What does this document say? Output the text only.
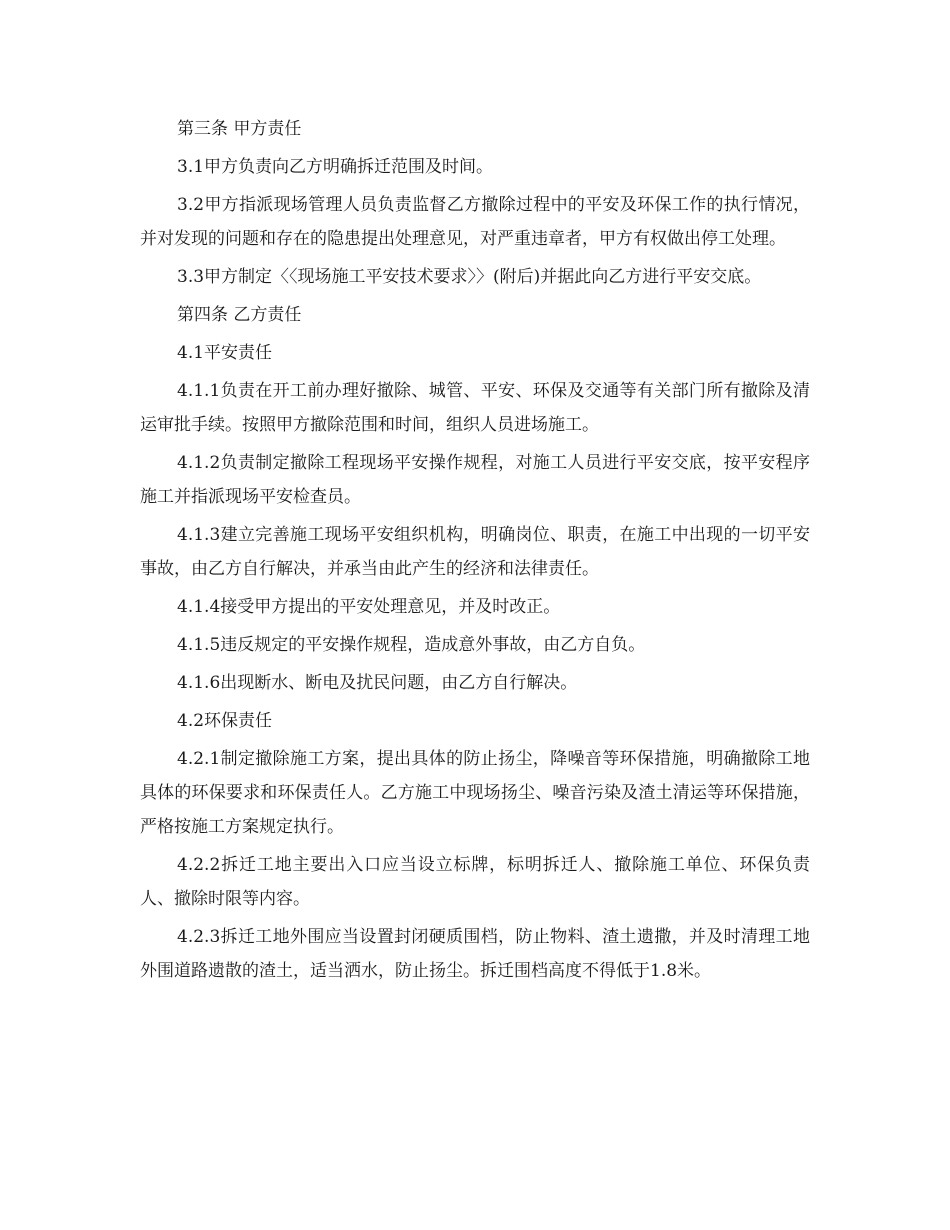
第三条 甲方责任

3.1甲方负责向乙方明确拆迁范围及时间。

3.2甲方指派现场管理人员负责监督乙方撤除过程中的平安及环保工作的执行情况，并对发现的问题和存在的隐患提出处理意见，对严重违章者，甲方有权做出停工处理。

3.3甲方制定〈〈现场施工平安技术要求〉〉(附后)并据此向乙方进行平安交底。

第四条 乙方责任

4.1平安责任

4.1.1负责在开工前办理好撤除、城管、平安、环保及交通等有关部门所有撤除及清运审批手续。按照甲方撤除范围和时间，组织人员进场施工。

4.1.2负责制定撤除工程现场平安操作规程，对施工人员进行平安交底，按平安程序施工并指派现场平安检查员。

4.1.3建立完善施工现场平安组织机构，明确岗位、职责，在施工中出现的一切平安事故，由乙方自行解决，并承当由此产生的经济和法律责任。

4.1.4接受甲方提出的平安处理意见，并及时改正。

4.1.5违反规定的平安操作规程，造成意外事故，由乙方自负。

4.1.6出现断水、断电及扰民问题，由乙方自行解决。

4.2环保责任

4.2.1制定撤除施工方案，提出具体的防止扬尘，降噪音等环保措施，明确撤除工地具体的环保要求和环保责任人。乙方施工中现场扬尘、噪音污染及渣土清运等环保措施，严格按施工方案规定执行。

4.2.2拆迁工地主要出入口应当设立标牌，标明拆迁人、撤除施工单位、环保负责人、撤除时限等内容。

4.2.3拆迁工地外围应当设置封闭硬质围档，防止物料、渣土遗撒，并及时清理工地外围道路遗散的渣土，适当洒水，防止扬尘。拆迁围档高度不得低于1.8米。
